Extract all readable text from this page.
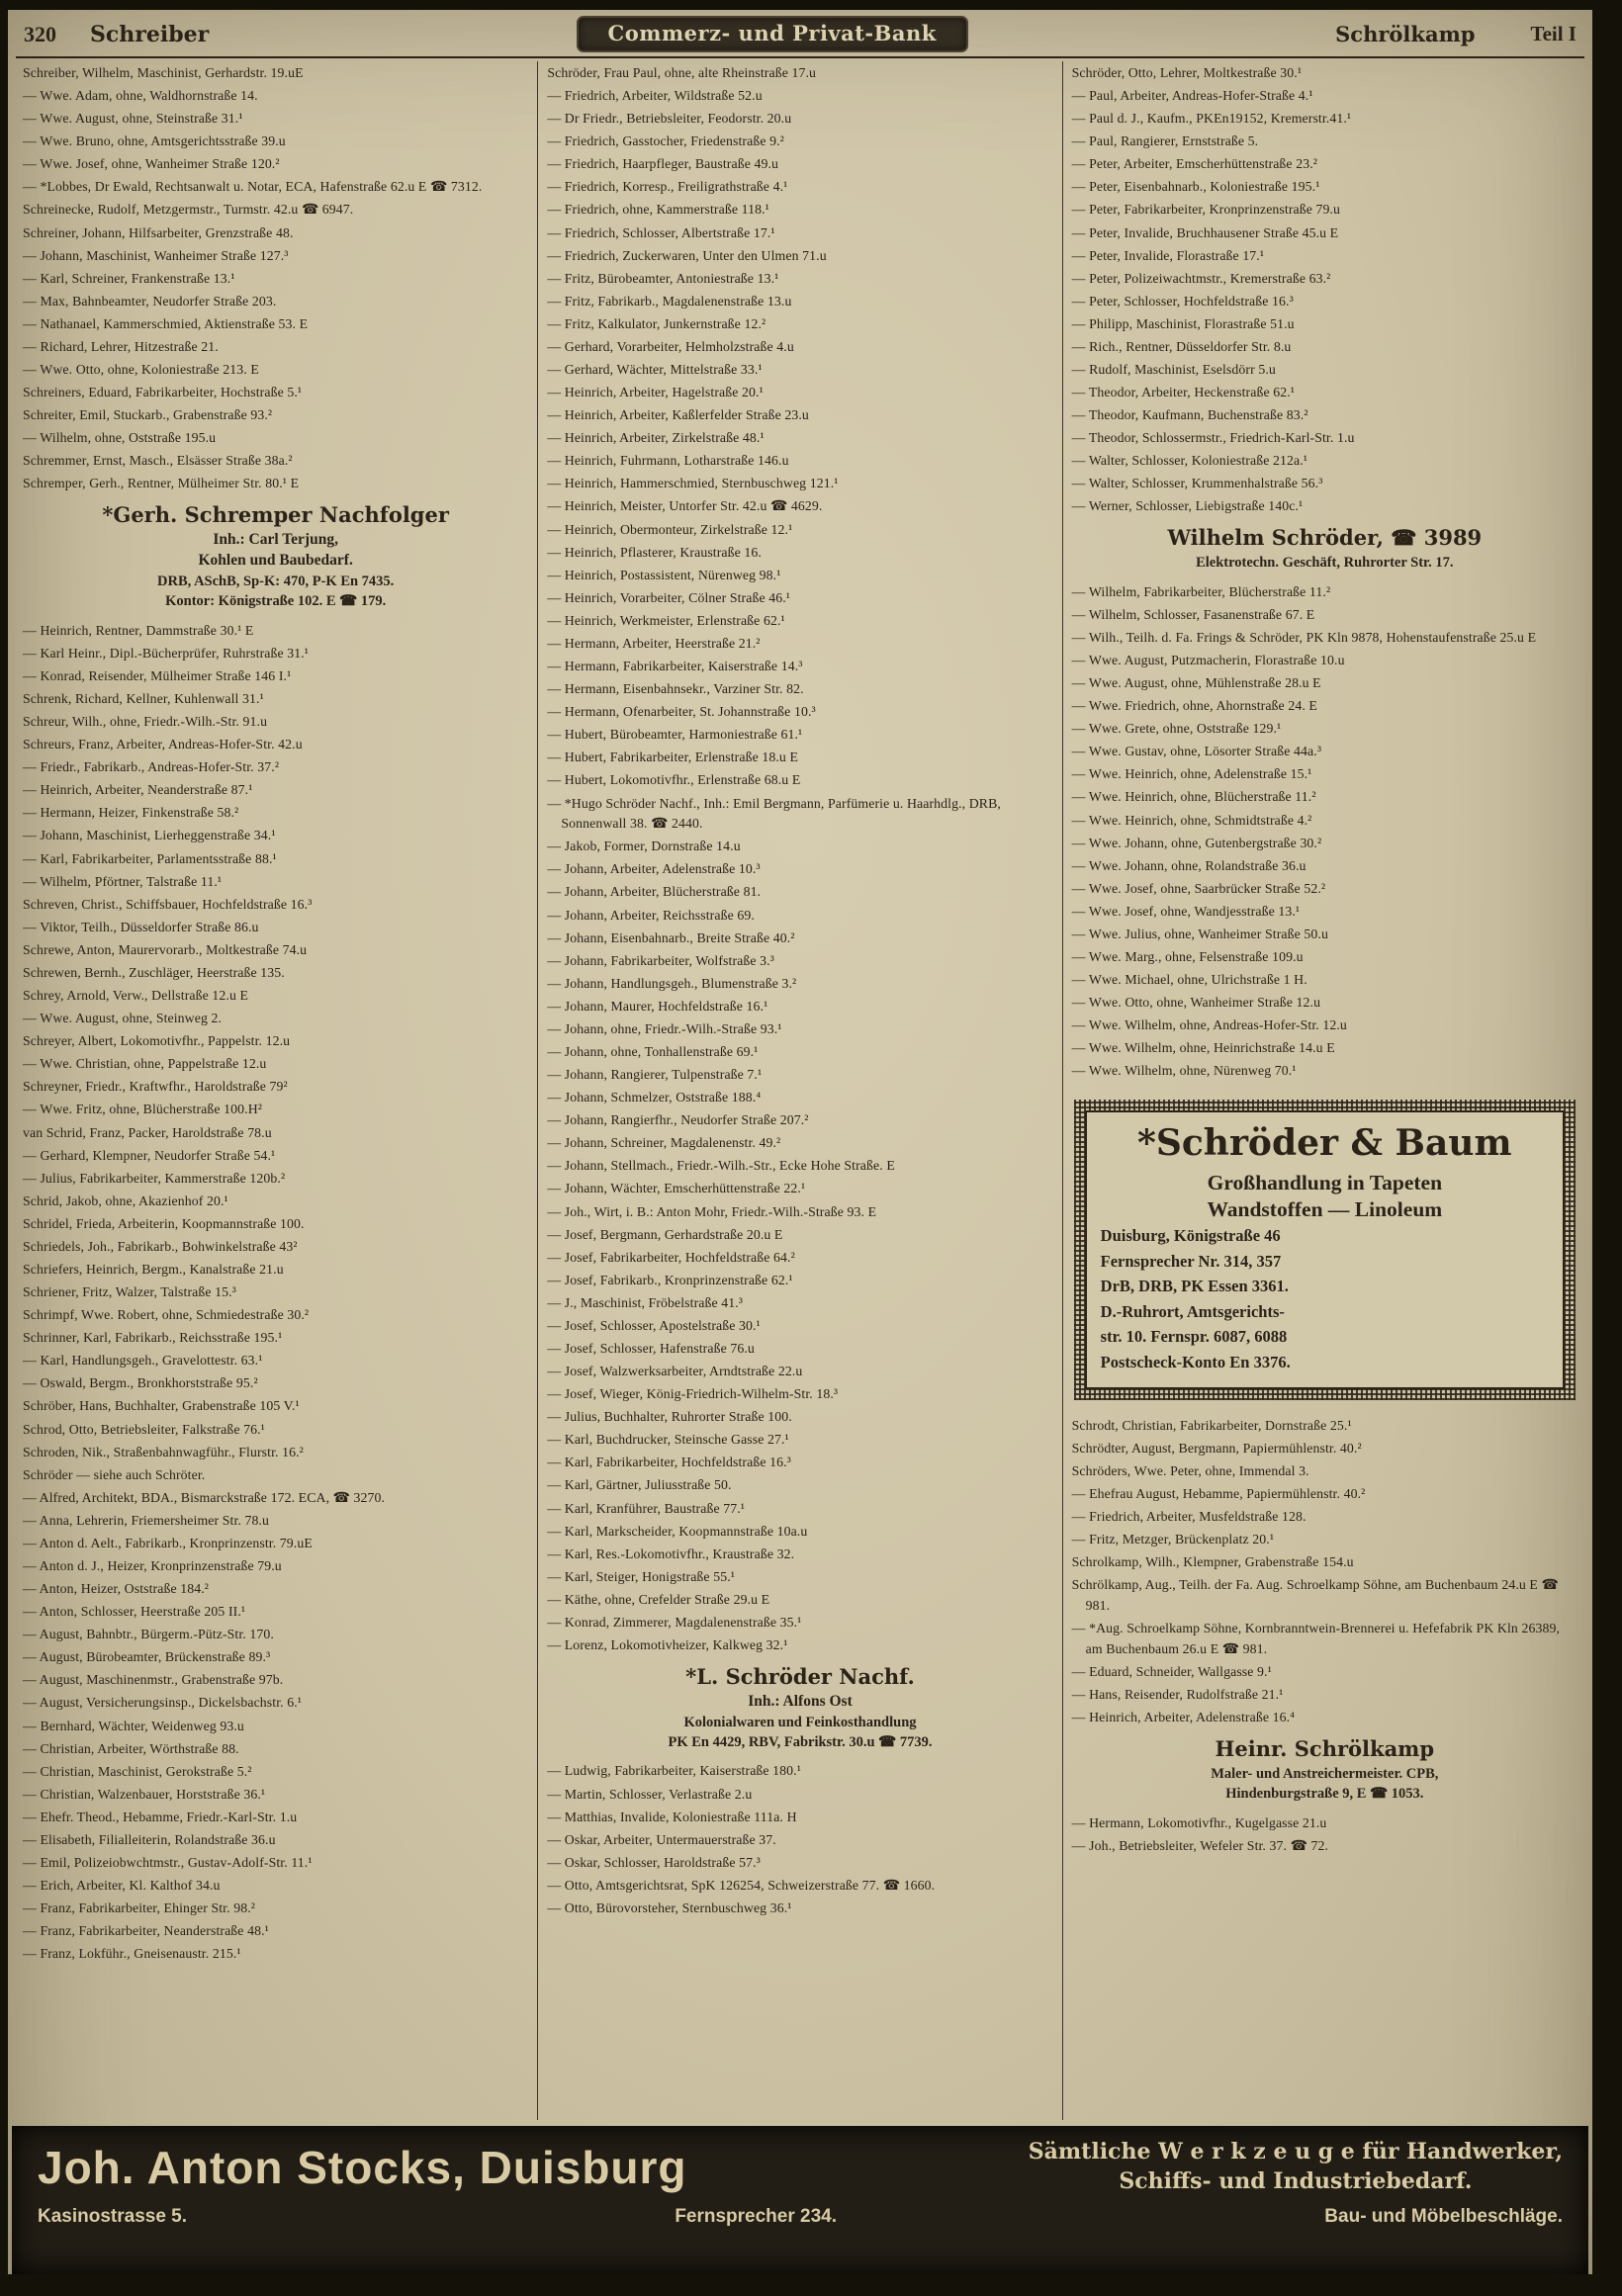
320 Schreiber	Commerz- und Privat-Bank	Schrölkamp	Teil I
Schreiber, Wilhelm, Maschinist, Gerhardstr. 19.uE
— Wwe. Adam, ohne, Waldhornstraße 14.
— Wwe. August, ohne, Steinstraße 31.¹
— Wwe. Bruno, ohne, Amtsgerichtsstraße 39.u
— Wwe. Josef, ohne, Wanheimer Straße 120.²
— *Lobbes, Dr Ewald, Rechtsanwalt u. Notar, ECA, Hafenstraße 62.u E ☎ 7312.
Schreinecke, Rudolf, Metzgermstr., Turmstr. 42.u ☎ 6947.
Schreiner, Johann, Hilfsarbeiter, Grenzstraße 48.
— Johann, Maschinist, Wanheimer Straße 127.³
— Karl, Schreiner, Frankenstraße 13.¹
— Max, Bahnbeamter, Neudorfer Straße 203.
— Nathanael, Kammerschmied, Aktienstraße 53. E
— Richard, Lehrer, Hitzestraße 21.
— Wwe. Otto, ohne, Koloniestraße 213. E
Schreiners, Eduard, Fabrikarbeiter, Hochstraße 5.¹
Schreiter, Emil, Stuckarb., Grabenstraße 93.²
— Wilhelm, ohne, Oststraße 195.u
Schremmer, Ernst, Masch., Elsässer Straße 38a.²
Schremper, Gerh., Rentner, Mülheimer Str. 80.¹ E
*Gerh. Schremper Nachfolger
Inh.: Carl Terjung,
Kohlen und Baubedarf.
DRB, ASchB, Sp-K: 470, P-K En 7435.
Kontor: Königstraße 102. E ☎ 179.
— Heinrich, Rentner, Dammstraße 30.¹ E
— Karl Heinr., Dipl.-Bücherprüfer, Ruhrstraße 31.¹
— Konrad, Reisender, Mülheimer Straße 146 I.¹
Schrenk, Richard, Kellner, Kuhlenwall 31.¹
Schreur, Wilh., ohne, Friedr.-Wilh.-Str. 91.u
Schreurs, Franz, Arbeiter, Andreas-Hofer-Str. 42.u
— Friedr., Fabrikarb., Andreas-Hofer-Str. 37.²
— Heinrich, Arbeiter, Neanderstraße 87.¹
— Hermann, Heizer, Finkenstraße 58.²
— Johann, Maschinist, Lierheggenstraße 34.¹
— Karl, Fabrikarbeiter, Parlamentsstraße 88.¹
— Wilhelm, Pförtner, Talstraße 11.¹
Schreven, Christ., Schiffsbauer, Hochfeldstraße 16.³
— Viktor, Teilh., Düsseldorfer Straße 86.u
Schrewe, Anton, Maurervorarb., Moltkestraße 74.u
Schrewen, Bernh., Zuschläger, Heerstraße 135.
Schrey, Arnold, Verw., Dellstraße 12.u E
— Wwe. August, ohne, Steinweg 2.
Schreyer, Albert, Lokomotivfhr., Pappelstr. 12.u
— Wwe. Christian, ohne, Pappelstraße 12.u
Schreyner, Friedr., Kraftwfhr., Haroldstraße 79²
— Wwe. Fritz, ohne, Blücherstraße 100.H²
van Schrid, Franz, Packer, Haroldstraße 78.u
— Gerhard, Klempner, Neudorfer Straße 54.¹
— Julius, Fabrikarbeiter, Kammerstraße 120b.²
Schrid, Jakob, ohne, Akazienhof 20.¹
Schridel, Frieda, Arbeiterin, Koopmannstraße 100.
Schriedels, Joh., Fabrikarb., Bohwinkelstraße 43²
Schriefers, Heinrich, Bergm., Kanalstraße 21.u
Schriener, Fritz, Walzer, Talstraße 15.³
Schrimpf, Wwe. Robert, ohne, Schmiedestraße 30.²
Schrinner, Karl, Fabrikarb., Reichsstraße 195.¹
— Karl, Handlungsgeh., Gravelottestr. 63.¹
— Oswald, Bergm., Bronkhorststraße 95.²
Schröber, Hans, Buchhalter, Grabenstraße 105 V.¹
Schrod, Otto, Betriebsleiter, Falkstraße 76.¹
Schroden, Nik., Straßenbahnwagführ., Flurstr. 16.²
Schröder — siehe auch Schröter.
— Alfred, Architekt, BDA., Bismarckstraße 172. ECA, ☎ 3270.
— Anna, Lehrerin, Friemersheimer Str. 78.u
— Anton d. Aelt., Fabrikarb., Kronprinzenstr. 79.uE
— Anton d. J., Heizer, Kronprinzenstraße 79.u
— Anton, Heizer, Oststraße 184.²
— Anton, Schlosser, Heerstraße 205 II.¹
— August, Bahnbtr., Bürgerm.-Pütz-Str. 170.
— August, Bürobeamter, Brückenstraße 89.³
— August, Maschinenmstr., Grabenstraße 97b.
— August, Versicherungsinsp., Dickelsbachstr. 6.¹
— Bernhard, Wächter, Weidenweg 93.u
— Christian, Arbeiter, Wörthstraße 88.
— Christian, Maschinist, Gerokstraße 5.²
— Christian, Walzenbauer, Horststraße 36.¹
— Ehefr. Theod., Hebamme, Friedr.-Karl-Str. 1.u
— Elisabeth, Filialleiterin, Rolandstraße 36.u
— Emil, Polizeiobwchtmstr., Gustav-Adolf-Str. 11.¹
— Erich, Arbeiter, Kl. Kalthof 34.u
— Franz, Fabrikarbeiter, Ehinger Str. 98.²
— Franz, Fabrikarbeiter, Neanderstraße 48.¹
— Franz, Lokführ., Gneisenaustr. 215.¹
Schröder, Frau Paul, ohne, alte Rheinstraße 17.u
— Friedrich, Arbeiter, Wildstraße 52.u
— Dr Friedr., Betriebsleiter, Feodorstr. 20.u
— Friedrich, Gasstocher, Friedenstraße 9.²
— Friedrich, Haarpfleger, Baustraße 49.u
— Friedrich, Korresp., Freiligrathstraße 4.¹
— Friedrich, ohne, Kammerstraße 118.¹
— Friedrich, Schlosser, Albertstraße 17.¹
— Friedrich, Zuckerwaren, Unter den Ulmen 71.u
— Fritz, Bürobeamter, Antoniestraße 13.¹
— Fritz, Fabrikarb., Magdalenenstraße 13.u
— Fritz, Kalkulator, Junkernstraße 12.²
— Gerhard, Vorarbeiter, Helmholzstraße 4.u
— Gerhard, Wächter, Mittelstraße 33.¹
— Heinrich, Arbeiter, Hagelstraße 20.¹
— Heinrich, Arbeiter, Kaßlerfelder Straße 23.u
— Heinrich, Arbeiter, Zirkelstraße 48.¹
— Heinrich, Fuhrmann, Lotharstraße 146.u
— Heinrich, Hammerschmied, Sternbuschweg 121.¹
— Heinrich, Meister, Untorfer Str. 42.u ☎ 4629.
— Heinrich, Obermonteur, Zirkelstraße 12.¹
— Heinrich, Pflasterer, Kraustraße 16.
— Heinrich, Postassistent, Nürenweg 98.¹
— Heinrich, Vorarbeiter, Cölner Straße 46.¹
— Heinrich, Werkmeister, Erlenstraße 62.¹
— Hermann, Arbeiter, Heerstraße 21.²
— Hermann, Fabrikarbeiter, Kaiserstraße 14.³
— Hermann, Eisenbahnsekr., Varziner Str. 82.
— Hermann, Ofenarbeiter, St. Johannstraße 10.³
— Hubert, Bürobeamter, Harmoniestraße 61.¹
— Hubert, Fabrikarbeiter, Erlenstraße 18.u E
— Hubert, Lokomotivfhr., Erlenstraße 68.u E
— *Hugo Schröder Nachf., Inh.: Emil Bergmann, Parfümerie u. Haarhdlg., DRB, Sonnenwall 38. ☎ 2440.
— Jakob, Former, Dornstraße 14.u
— Johann, Arbeiter, Adelenstraße 10.³
— Johann, Arbeiter, Blücherstraße 81.
— Johann, Arbeiter, Reichsstraße 69.
— Johann, Eisenbahnarb., Breite Straße 40.²
— Johann, Fabrikarbeiter, Wolfstraße 3.³
— Johann, Handlungsgeh., Blumenstraße 3.²
— Johann, Maurer, Hochfeldstraße 16.¹
— Johann, ohne, Friedr.-Wilh.-Straße 93.¹
— Johann, ohne, Tonhallenstraße 69.¹
— Johann, Rangierer, Tulpenstraße 7.¹
— Johann, Schmelzer, Oststraße 188.⁴
— Johann, Rangierfhr., Neudorfer Straße 207.²
— Johann, Schreiner, Magdalenenstr. 49.²
— Johann, Stellmach., Friedr.-Wilh.-Str., Ecke Hohe Straße. E
— Johann, Wächter, Emscherhüttenstraße 22.¹
— Joh., Wirt, i. B.: Anton Mohr, Friedr.-Wilh.-Straße 93. E
— Josef, Bergmann, Gerhardstraße 20.u E
— Josef, Fabrikarbeiter, Hochfeldstraße 64.²
— Josef, Fabrikarb., Kronprinzenstraße 62.¹
— J., Maschinist, Fröbelstraße 41.³
— Josef, Schlosser, Apostelstraße 30.¹
— Josef, Schlosser, Hafenstraße 76.u
— Josef, Walzwerksarbeiter, Arndtstraße 22.u
— Josef, Wieger, König-Friedrich-Wilhelm-Str. 18.³
— Julius, Buchhalter, Ruhrorter Straße 100.
— Karl, Buchdrucker, Steinsche Gasse 27.¹
— Karl, Fabrikarbeiter, Hochfeldstraße 16.³
— Karl, Gärtner, Juliusstraße 50.
— Karl, Kranführer, Baustraße 77.¹
— Karl, Markscheider, Koopmannstraße 10a.u
— Karl, Res.-Lokomotivfhr., Kraustraße 32.
— Karl, Steiger, Honigstraße 55.¹
— Käthe, ohne, Crefelder Straße 29.u E
— Konrad, Zimmerer, Magdalenenstraße 35.¹
— Lorenz, Lokomotivheizer, Kalkweg 32.¹
*L. Schröder Nachf.
Inh.: Alfons Ost
Kolonialwaren und Feinkosthandlung
PK En 4429, RBV, Fabrikstr. 30.u ☎ 7739.
— Ludwig, Fabrikarbeiter, Kaiserstraße 180.¹
— Martin, Schlosser, Verlastraße 2.u
— Matthias, Invalide, Koloniestraße 111a. H
— Oskar, Arbeiter, Untermauerstraße 37.
— Oskar, Schlosser, Haroldstraße 57.³
— Otto, Amtsgerichtsrat, SpK 126254, Schweizerstraße 77. ☎ 1660.
— Otto, Bürovorsteher, Sternbuschweg 36.¹
Schröder, Otto, Lehrer, Moltkestraße 30.¹
— Paul, Arbeiter, Andreas-Hofer-Straße 4.¹
— Paul d. J., Kaufm., PKEn19152, Kremerstr.41.¹
— Paul, Rangierer, Ernststraße 5.
— Peter, Arbeiter, Emscherhüttenstraße 23.²
— Peter, Eisenbahnarb., Koloniestraße 195.¹
— Peter, Fabrikarbeiter, Kronprinzenstraße 79.u
— Peter, Invalide, Bruchhausener Straße 45.u E
— Peter, Invalide, Florastraße 17.¹
— Peter, Polizeiwachtmstr., Kremerstraße 63.²
— Peter, Schlosser, Hochfeldstraße 16.³
— Philipp, Maschinist, Florastraße 51.u
— Rich., Rentner, Düsseldorfer Str. 8.u
— Rudolf, Maschinist, Eselsdörr 5.u
— Theodor, Arbeiter, Heckenstraße 62.¹
— Theodor, Kaufmann, Buchenstraße 83.²
— Theodor, Schlossermstr., Friedrich-Karl-Str. 1.u
— Walter, Schlosser, Koloniestraße 212a.¹
— Walter, Schlosser, Krummenhalstraße 56.³
— Werner, Schlosser, Liebigstraße 140c.¹
Wilhelm Schröder, ☎ 3989
Elektrotechn. Geschäft, Ruhrorter Str. 17.
— Wilhelm, Fabrikarbeiter, Blücherstraße 11.²
— Wilhelm, Schlosser, Fasanenstraße 67. E
— Wilh., Teilh. d. Fa. Frings & Schröder, PK Kln 9878, Hohenstaufenstraße 25.u E
— Wwe. August, Putzmacherin, Florastraße 10.u
— Wwe. August, ohne, Mühlenstraße 28.u E
— Wwe. Friedrich, ohne, Ahornstraße 24. E
— Wwe. Grete, ohne, Oststraße 129.¹
— Wwe. Gustav, ohne, Lösorter Straße 44a.³
— Wwe. Heinrich, ohne, Adelenstraße 15.¹
— Wwe. Heinrich, ohne, Blücherstraße 11.²
— Wwe. Heinrich, ohne, Schmidtstraße 4.²
— Wwe. Johann, ohne, Gutenbergstraße 30.²
— Wwe. Johann, ohne, Rolandstraße 36.u
— Wwe. Josef, ohne, Saarbrücker Straße 52.²
— Wwe. Josef, ohne, Wandjesstraße 13.¹
— Wwe. Julius, ohne, Wanheimer Straße 50.u
— Wwe. Marg., ohne, Felsenstraße 109.u
— Wwe. Michael, ohne, Ulrichstraße 1 H.
— Wwe. Otto, ohne, Wanheimer Straße 12.u
— Wwe. Wilhelm, ohne, Andreas-Hofer-Str. 12.u
— Wwe. Wilhelm, ohne, Heinrichstraße 14.u E
— Wwe. Wilhelm, ohne, Nürenweg 70.¹
*Schröder & Baum
Großhandlung in Tapeten
Wandstoffen — Linoleum
Duisburg, Königstraße 46
Fernsprecher Nr. 314, 357
DrB, DRB, PK Essen 3361.
D.-Ruhrort, Amtsgerichts-
str. 10. Fernspr. 6087, 6088
Postscheck-Konto En 3376.
Schrodt, Christian, Fabrikarbeiter, Dornstraße 25.¹
Schrödter, August, Bergmann, Papiermühlenstr. 40.²
Schröders, Wwe. Peter, ohne, Immendal 3.
— Ehefrau August, Hebamme, Papiermühlenstr. 40.²
— Friedrich, Arbeiter, Musfeldstraße 128.
— Fritz, Metzger, Brückenplatz 20.¹
Schrolkamp, Wilh., Klempner, Grabenstraße 154.u
Schrölkamp, Aug., Teilh. der Fa. Aug. Schroelkamp Söhne, am Buchenbaum 24.u E ☎ 981.
— *Aug. Schroelkamp Söhne, Kornbranntwein-Brennerei u. Hefefabrik PK Kln 26389, am Buchenbaum 26.u E ☎ 981.
— Eduard, Schneider, Wallgasse 9.¹
— Hans, Reisender, Rudolfstraße 21.¹
— Heinrich, Arbeiter, Adelenstraße 16.⁴
Heinr. Schrölkamp
Maler- und Anstreichermeister. CPB,
Hindenburgstraße 9, E ☎ 1053.
— Hermann, Lokomotivfhr., Kugelgasse 21.u
— Joh., Betriebsleiter, Wefeler Str. 37. ☎ 72.
Joh. Anton Stocks, Duisburg	Sämtliche W e r k z e u g e für Handwerker,
Schiffs- und Industriebedarf.
Kasinostrasse 5.	Fernsprecher 234.	Bau- und Möbelbeschläge.
